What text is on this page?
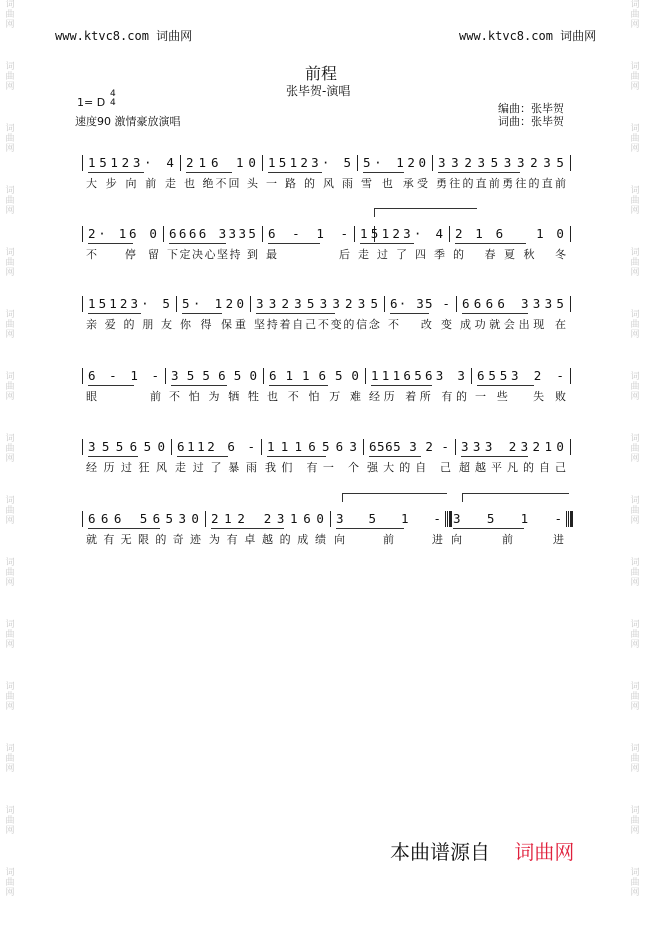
词
曲
网
词
曲
网
词
曲
网
词
曲
网
词
曲
网
词
曲
网
词
曲
网
词
曲
网
词
曲
网
词
曲
网
词
曲
网
词
曲
网
词
曲
网
词
曲
网
词
曲
网
词
曲
网
词
曲
网
词
曲
网
词
曲
网
词
曲
网
词
曲
网
词
曲
网
词
曲
网
词
曲
网
词
曲
网
词
曲
网
词
曲
网
词
曲
网
词
曲
网
词
曲
网
www.ktvc8.com 词曲网	www.ktvc8.com 词曲网
前程
张毕贺-演唱
1= D
4
4
速度90 激情豪放演唱
编曲：张毕贺
词曲：张毕贺
1 5 1 2 3 ·
4 2 1 6
1 0 1 5 1 2 3 ·
5 5 ·
1 2 0 3 3 2 3 5 3 3 2 3 5
大 步 向 前 走 也
绝 不 回
头 一 路 的 风 雨 雪
也
承 受 勇 往 的 直 前 勇 往 的 直 前
2 ·
1 6
0 6 6 6 6
3 3 3 5 6
-
1
- 1 5 1 2 3 ·
4 2 1 6
	1 0
不
	停 留 下 定 决 心 坚 持
到 最
	后 走 过 了 四 季 的
春 夏 秋
冬
1 5 1 2 3 ·
5 5 ·
1 2 0 3 3 2 3 5 3 3 2 3 5 6 ·
3 5
- 6 6 6 6
3 3 3 5
亲 爱 的 朋 友 你
得
保 重 坚 持 着 自 己 不 变 的 信 念 不
改 变 成 功 就 会 出 现
在
6
-
1
- 3 5 5 6 5 0 6 1 1 6 5 0 1 1 1 6 5 6 3
3 6 5 5 3
2
-
眼
	前 不 怕 为 牺 牲 也 不 怕 万 难 经 历
着 所
有 的 一 些
失 败
3 5 5 6 5 0 6 1 1 2
6
- 1 1 1 6 5 6 3 6 5 6 5
3
2
- 3 3 3
2 3 2 1 0
经 历 过 狂 风 走 过 了 暴 雨 我 们
有 一
个 强 大 的 自
己 超 越 平 凡 的 自 己
6 6 6
5 6 5 3 0 2 1 2
2 3 1 6 0 3
5
1
- 3
5
1
-
就 有 无 限 的 奇 迹 为 有 卓 越 的 成 绩 向
	前
	进 向
	前
	进
本曲谱源自 词曲网
